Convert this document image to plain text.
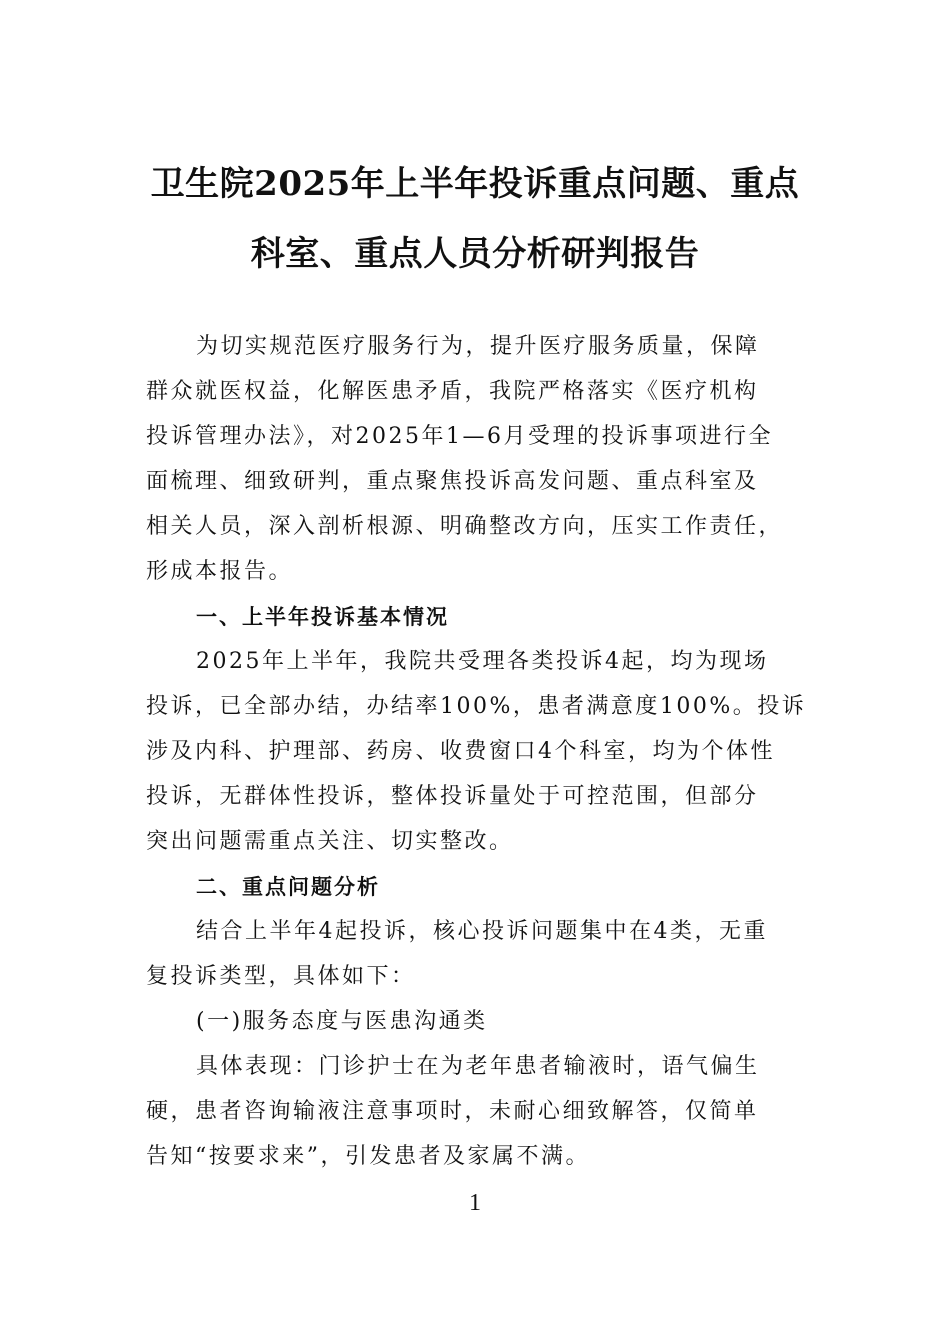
卫生院2025年上半年投诉重点问题、重点
科室、重点人员分析研判报告
为切实规范医疗服务行为，提升医疗服务质量，保障
群众就医权益，化解医患矛盾，我院严格落实《医疗机构
投诉管理办法》，对2025年1—6月受理的投诉事项进行全
面梳理、细致研判，重点聚焦投诉高发问题、重点科室及
相关人员，深入剖析根源、明确整改方向，压实工作责任，
形成本报告。
一、上半年投诉基本情况
2025年上半年，我院共受理各类投诉4起，均为现场
投诉，已全部办结，办结率100%，患者满意度100%。投诉
涉及内科、护理部、药房、收费窗口4个科室，均为个体性
投诉，无群体性投诉，整体投诉量处于可控范围，但部分
突出问题需重点关注、切实整改。
二、重点问题分析
结合上半年4起投诉，核心投诉问题集中在4类，无重
复投诉类型，具体如下：
(一)服务态度与医患沟通类
具体表现：门诊护士在为老年患者输液时，语气偏生
硬，患者咨询输液注意事项时，未耐心细致解答，仅简单
告知“按要求来”，引发患者及家属不满。
1
